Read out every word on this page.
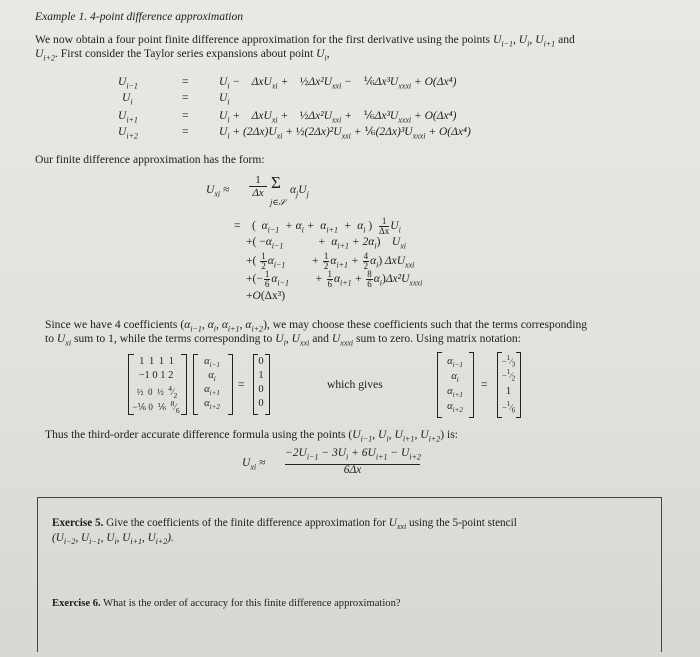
Example 1. 4-point difference approximation
We now obtain a four point finite difference approximation for the first derivative using the points $U_{i-1}$, $U_i$, $U_{i+1}$ and
$U_{i+2}$. First consider the Taylor series expansions about point $U_i$,
$U_{i-1}$	=	$U_i$ −    ΔxU$_{xi}$ +    $\frac{1}{2}\Delta x^2U_{xxi}$ −    $\frac{1}{6}\Delta x^3U_{xxxi} + O(\Delta x^4)$
$U_i$	=	$U_i$
$U_{i+1}$	=	$U_i$ +    ΔxU$_{xi}$ +    $\frac{1}{2}\Delta x^2U_{xxi}$ +    $\frac{1}{6}\Delta x^3U_{xxxi} + O(\Delta x^4)$
$U_{i+2}$	=	$U_i + (2\Delta x)U_{xi}$ + $\frac{1}{2}(2\Delta x)^2U_{xxi}$ + $\frac{1}{6}(2\Delta x)^3U_{xxxi} + O(\Delta x^4)$
Our finite difference approximation has the form:
$U_{xi}$ ≈
1
Δx
Σ
j∈𝒮
$\alpha_jU_j$
=    (  $\alpha_{i-1} + \alpha_i + \alpha_{i+1} + \alpha_i$ ) $\frac{1}{\Delta x} U_i$
+( $-\alpha_{i-1}$            +  $\alpha_{i+1} + 2\alpha_i$)    $U_{xi}$
+( $\frac{1}{2} \alpha_{i-1}$         + $\frac{1}{2} \alpha_{i+1} + \frac{4}{2} \alpha_i$) ΔxU$_{xxi}$
+(− $\frac{1}{6} \alpha_{i-1}$         + $\frac{1}{6} \alpha_{i+1} + \frac{8}{6} \alpha_i)\Delta x^2U_{xxxi}$
+O(Δx³)
Since we have 4 coefficients ($\alpha_{i-1}$, $\alpha_i$, $\alpha_{i+1}$, $\alpha_{i+2}$), we may choose these coefficients such that the terms corresponding
to $U_{xi}$ sum to 1, while the terms corresponding to $U_i$, $U_{xxi}$ and $U_{xxxi}$ sum to zero. Using matrix notation:
1 1 1 1
−1 0 1 2
½  0  ½  $^4⁄_2$
−⅙ 0  ⅙  $^8⁄_6$
$\alpha_{i-1}$
$\alpha_i$
$\alpha_{i+1}$
$\alpha_{i+2}$
=
0
1
0
0
which gives
$\alpha_{i-1}$
$\alpha_i$
$\alpha_{i+1}$
$\alpha_{i+2}$
=
$-^1⁄_3$
$-^1⁄_2$
1
$-^1⁄_6$
Thus the third-order accurate difference formula using the points ($U_{i-1}$, $U_i$, $U_{i+1}$, $U_{i+2}$) is:
$U_{xi}$ ≈
$-2U_{i-1} - 3U_i + 6U_{i+1} - U_{i+2}$
6Δx
Exercise 5. Give the coefficients of the finite difference approximation for $U_{xxi}$ using the 5-point stencil
($U_{i-2}$, $U_{i-1}$, $U_i$, $U_{i+1}$, $U_{i+2}$).
Exercise 6. What is the order of accuracy for this finite difference approximation?
